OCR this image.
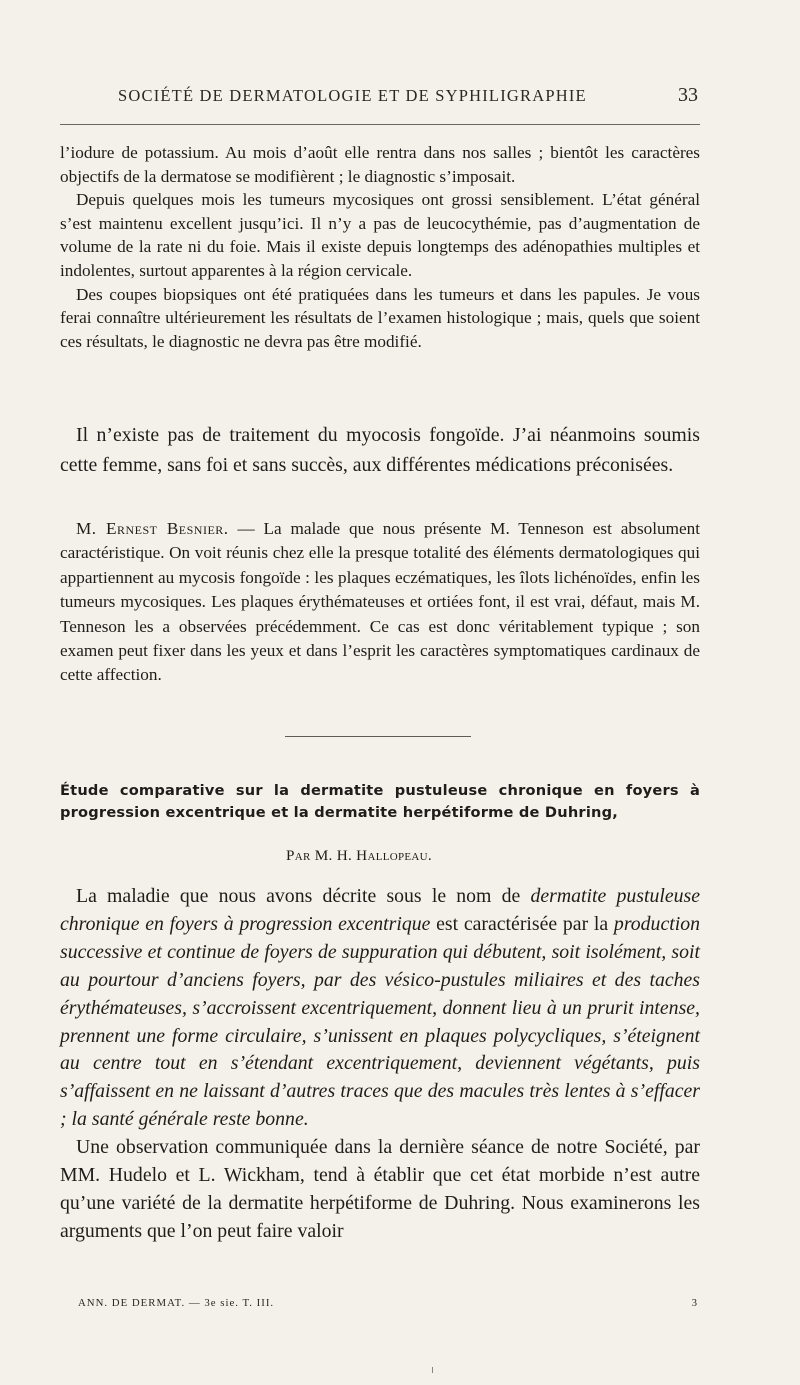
SOCIÉTÉ DE DERMATOLOGIE ET DE SYPHILIGRAPHIE	33
l’iodure de potassium. Au mois d’août elle rentra dans nos salles ; bientôt les caractères objectifs de la dermatose se modifièrent ; le diagnostic s’imposait.
Depuis quelques mois les tumeurs mycosiques ont grossi sensiblement. L’état général s’est maintenu excellent jusqu’ici. Il n’y a pas de leucocythémie, pas d’augmentation de volume de la rate ni du foie. Mais il existe depuis longtemps des adénopathies multiples et indolentes, surtout apparentes à la région cervicale.
Des coupes biopsiques ont été pratiquées dans les tumeurs et dans les papules. Je vous ferai connaître ultérieurement les résultats de l’examen histologique ; mais, quels que soient ces résultats, le diagnostic ne devra pas être modifié.
Il n’existe pas de traitement du myocosis fongoïde. J’ai néanmoins soumis cette femme, sans foi et sans succès, aux différentes médications préconisées.
M. Ernest Besnier. — La malade que nous présente M. Tenneson est absolument caractéristique. On voit réunis chez elle la presque totalité des éléments dermatologiques qui appartiennent au mycosis fongoïde : les plaques eczématiques, les îlots lichénoïdes, enfin les tumeurs mycosiques. Les plaques érythémateuses et ortiées font, il est vrai, défaut, mais M. Tenneson les a observées précédemment. Ce cas est donc véritablement typique ; son examen peut fixer dans les yeux et dans l’esprit les caractères symptomatiques cardinaux de cette affection.
Étude comparative sur la dermatite pustuleuse chronique en foyers à progression excentrique et la dermatite herpétiforme de Duhring,
Par M. H. Hallopeau.
La maladie que nous avons décrite sous le nom de dermatite pustuleuse chronique en foyers à progression excentrique est caractérisée par la production successive et continue de foyers de suppuration qui débutent, soit isolément, soit au pourtour d’anciens foyers, par des vésico-pustules miliaires et des taches érythémateuses, s’accroissent excentriquement, donnent lieu à un prurit intense, prennent une forme circulaire, s’unissent en plaques polycycliques, s’éteignent au centre tout en s’étendant excentriquement, deviennent végétants, puis s’affaissent en ne laissant d’autres traces que des macules très lentes à s’effacer ; la santé générale reste bonne.
Une observation communiquée dans la dernière séance de notre Société, par MM. Hudelo et L. Wickham, tend à établir que cet état morbide n’est autre qu’une variété de la dermatite herpétiforme de Duhring. Nous examinerons les arguments que l’on peut faire valoir
ANN. DE DERMAT. — 3e sie. T. III.	3
